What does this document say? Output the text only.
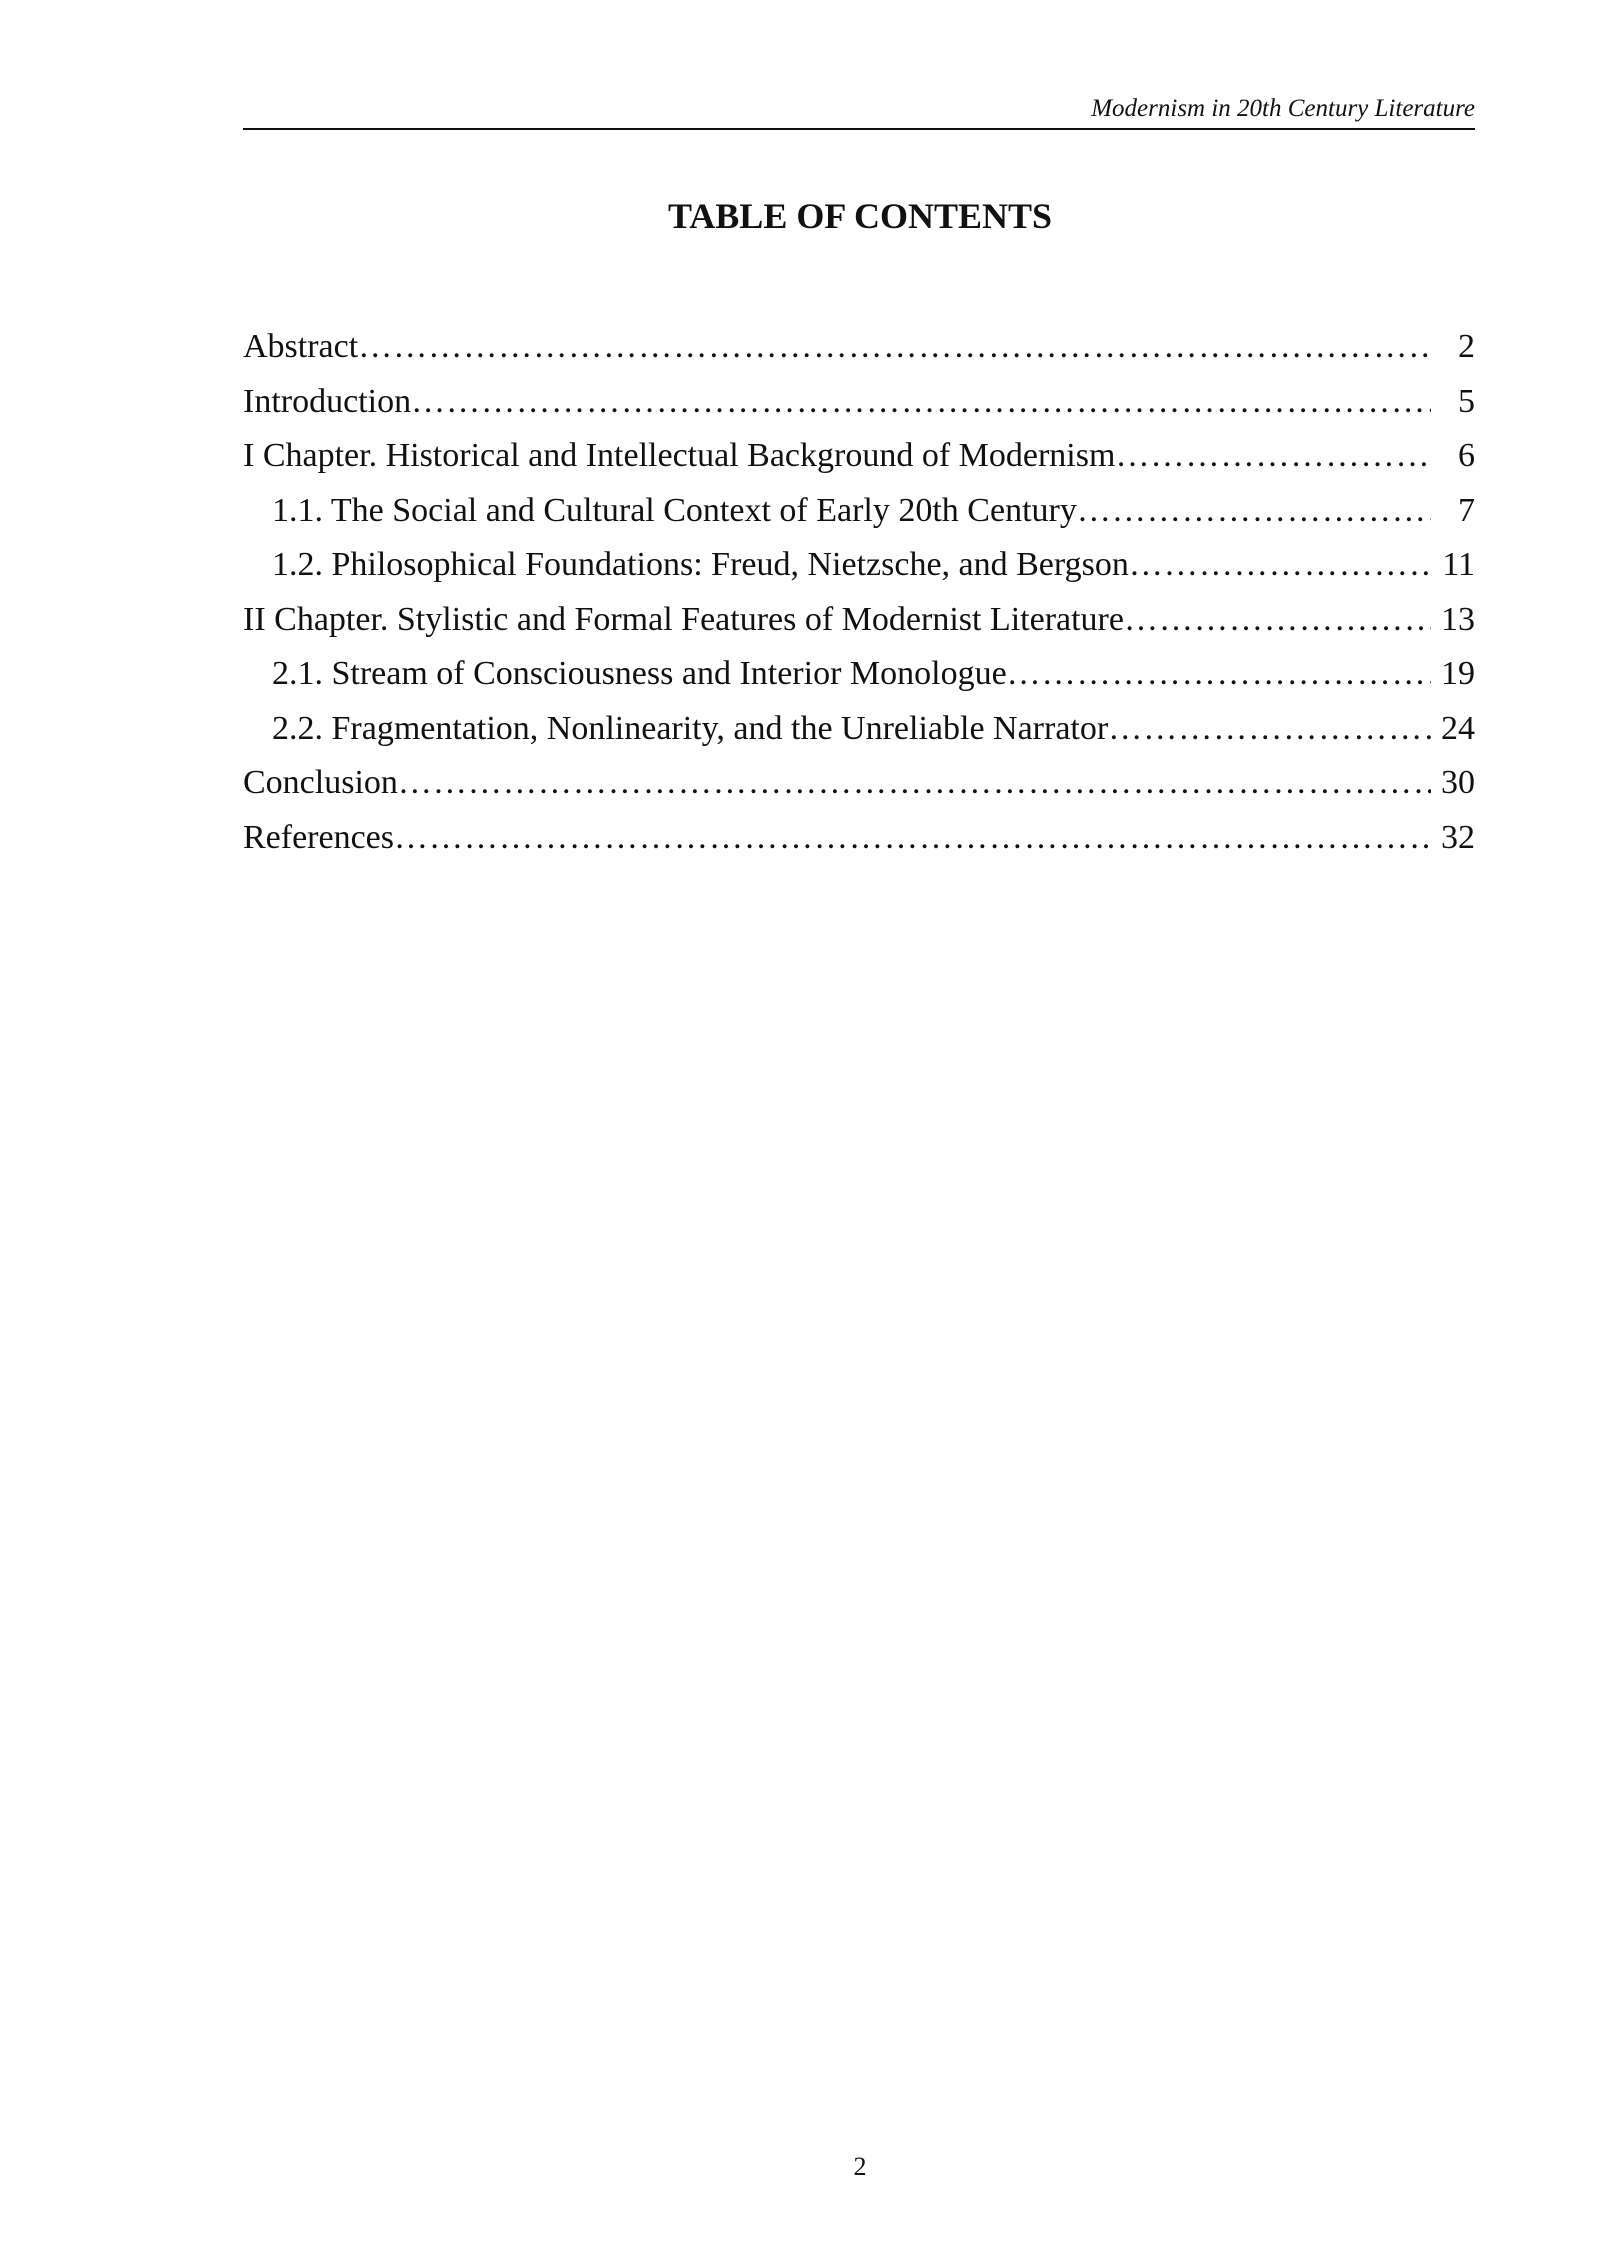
Modernism in 20th Century Literature
TABLE OF CONTENTS
Abstract ……………………………………………………………………………………………………………………………………………………………………	2
Introduction ……………………………………………………………………………………………………………………………………………………………………	5
I Chapter. Historical and Intellectual Background of Modernism ……………………………………………………………………………………………………………………………………………………………………	6
1.1. The Social and Cultural Context of Early 20th Century ……………………………………………………………………………………………………………………………………………………………………	7
1.2. Philosophical Foundations: Freud, Nietzsche, and Bergson ……………………………………………………………………………………………………………………………………………………………………	11
II Chapter. Stylistic and Formal Features of Modernist Literature ……………………………………………………………………………………………………………………………………………………………………	13
2.1. Stream of Consciousness and Interior Monologue ……………………………………………………………………………………………………………………………………………………………………	19
2.2. Fragmentation, Nonlinearity, and the Unreliable Narrator ……………………………………………………………………………………………………………………………………………………………………	24
Conclusion ……………………………………………………………………………………………………………………………………………………………………	30
References ……………………………………………………………………………………………………………………………………………………………………	32
2
